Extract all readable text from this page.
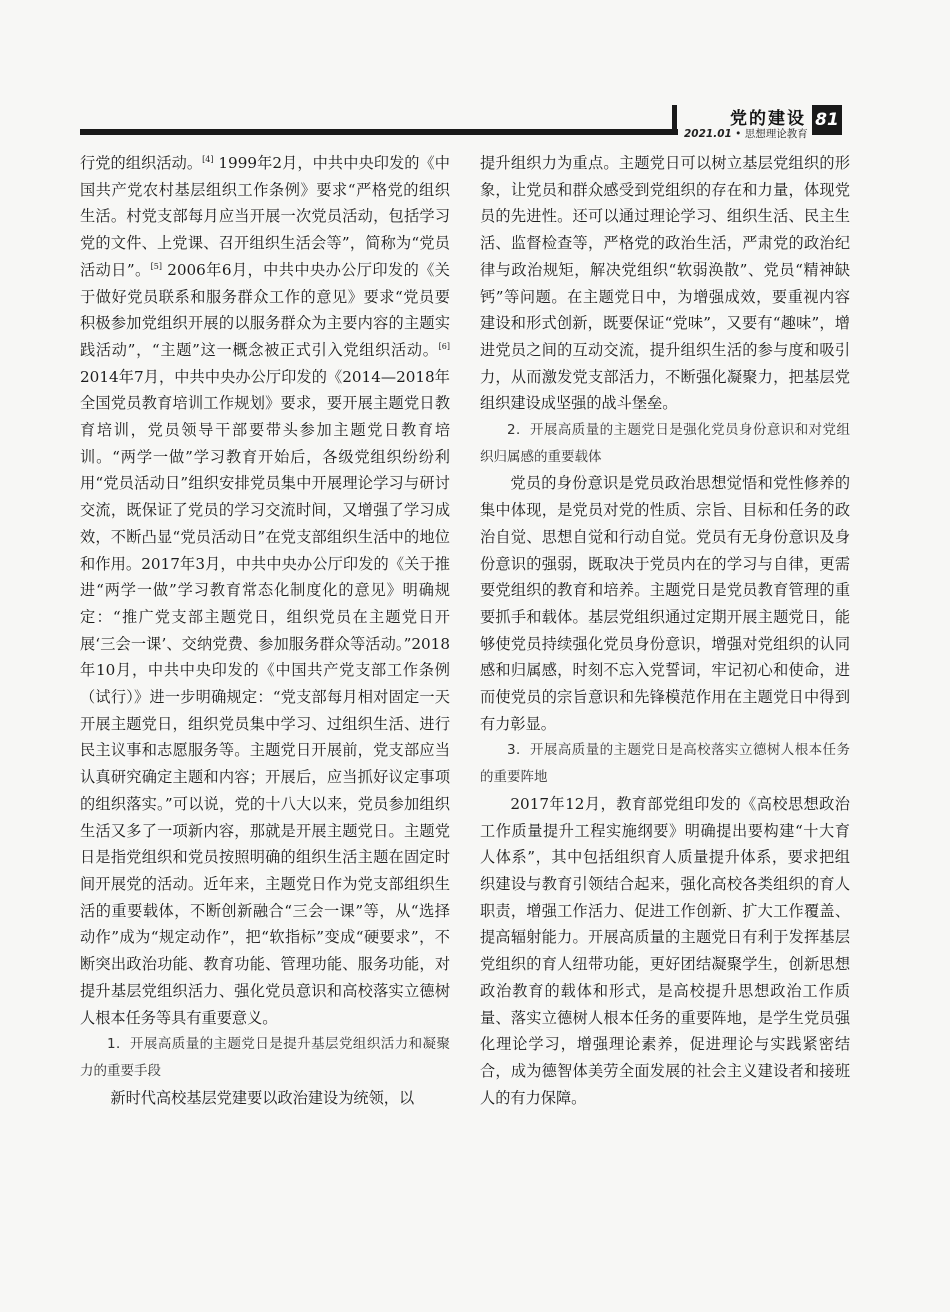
党的建设
2021.01 • 思想理论教育
81

行党的组织活动。[4] 1999年2月，中共中央印发的《中国共产党农村基层组织工作条例》要求“严格党的组织生活。村党支部每月应当开展一次党员活动，包括学习党的文件、上党课、召开组织生活会等”，简称为“党员活动日”。[5] 2006年6月，中共中央办公厅印发的《关于做好党员联系和服务群众工作的意见》要求“党员要积极参加党组织开展的以服务群众为主要内容的主题实践活动”，“主题”这一概念被正式引入党组织活动。[6] 2014年7月，中共中央办公厅印发的《2014—2018年全国党员教育培训工作规划》要求，要开展主题党日教育培训，党员领导干部要带头参加主题党日教育培训。“两学一做”学习教育开始后，各级党组织纷纷利用“党员活动日”组织安排党员集中开展理论学习与研讨交流，既保证了党员的学习交流时间，又增强了学习成效，不断凸显“党员活动日”在党支部组织生活中的地位和作用。2017年3月，中共中央办公厅印发的《关于推进“两学一做”学习教育常态化制度化的意见》明确规定：“推广党支部主题党日，组织党员在主题党日开展‘三会一课’、交纳党费、参加服务群众等活动。”2018年10月，中共中央印发的《中国共产党支部工作条例（试行）》进一步明确规定：“党支部每月相对固定一天开展主题党日，组织党员集中学习、过组织生活、进行民主议事和志愿服务等。主题党日开展前，党支部应当认真研究确定主题和内容；开展后，应当抓好议定事项的组织落实。”可以说，党的十八大以来，党员参加组织生活又多了一项新内容，那就是开展主题党日。主题党日是指党组织和党员按照明确的组织生活主题在固定时间开展党的活动。近年来，主题党日作为党支部组织生活的重要载体，不断创新融合“三会一课”等，从“选择动作”成为“规定动作”，把“软指标”变成“硬要求”，不断突出政治功能、教育功能、管理功能、服务功能，对提升基层党组织活力、强化党员意识和高校落实立德树人根本任务等具有重要意义。

1．开展高质量的主题党日是提升基层党组织活力和凝聚力的重要手段

新时代高校基层党建要以政治建设为统领，以

提升组织力为重点。主题党日可以树立基层党组织的形象，让党员和群众感受到党组织的存在和力量，体现党员的先进性。还可以通过理论学习、组织生活、民主生活、监督检查等，严格党的政治生活，严肃党的政治纪律与政治规矩，解决党组织“软弱涣散”、党员“精神缺钙”等问题。在主题党日中，为增强成效，要重视内容建设和形式创新，既要保证“党味”，又要有“趣味”，增进党员之间的互动交流，提升组织生活的参与度和吸引力，从而激发党支部活力，不断强化凝聚力，把基层党组织建设成坚强的战斗堡垒。

2．开展高质量的主题党日是强化党员身份意识和对党组织归属感的重要载体

党员的身份意识是党员政治思想觉悟和党性修养的集中体现，是党员对党的性质、宗旨、目标和任务的政治自觉、思想自觉和行动自觉。党员有无身份意识及身份意识的强弱，既取决于党员内在的学习与自律，更需要党组织的教育和培养。主题党日是党员教育管理的重要抓手和载体。基层党组织通过定期开展主题党日，能够使党员持续强化党员身份意识，增强对党组织的认同感和归属感，时刻不忘入党誓词，牢记初心和使命，进而使党员的宗旨意识和先锋模范作用在主题党日中得到有力彰显。

3．开展高质量的主题党日是高校落实立德树人根本任务的重要阵地

2017年12月，教育部党组印发的《高校思想政治工作质量提升工程实施纲要》明确提出要构建“十大育人体系”，其中包括组织育人质量提升体系，要求把组织建设与教育引领结合起来，强化高校各类组织的育人职责，增强工作活力、促进工作创新、扩大工作覆盖、提高辐射能力。开展高质量的主题党日有利于发挥基层党组织的育人纽带功能，更好团结凝聚学生，创新思想政治教育的载体和形式，是高校提升思想政治工作质量、落实立德树人根本任务的重要阵地，是学生党员强化理论学习，增强理论素养，促进理论与实践紧密结合，成为德智体美劳全面发展的社会主义建设者和接班人的有力保障。
